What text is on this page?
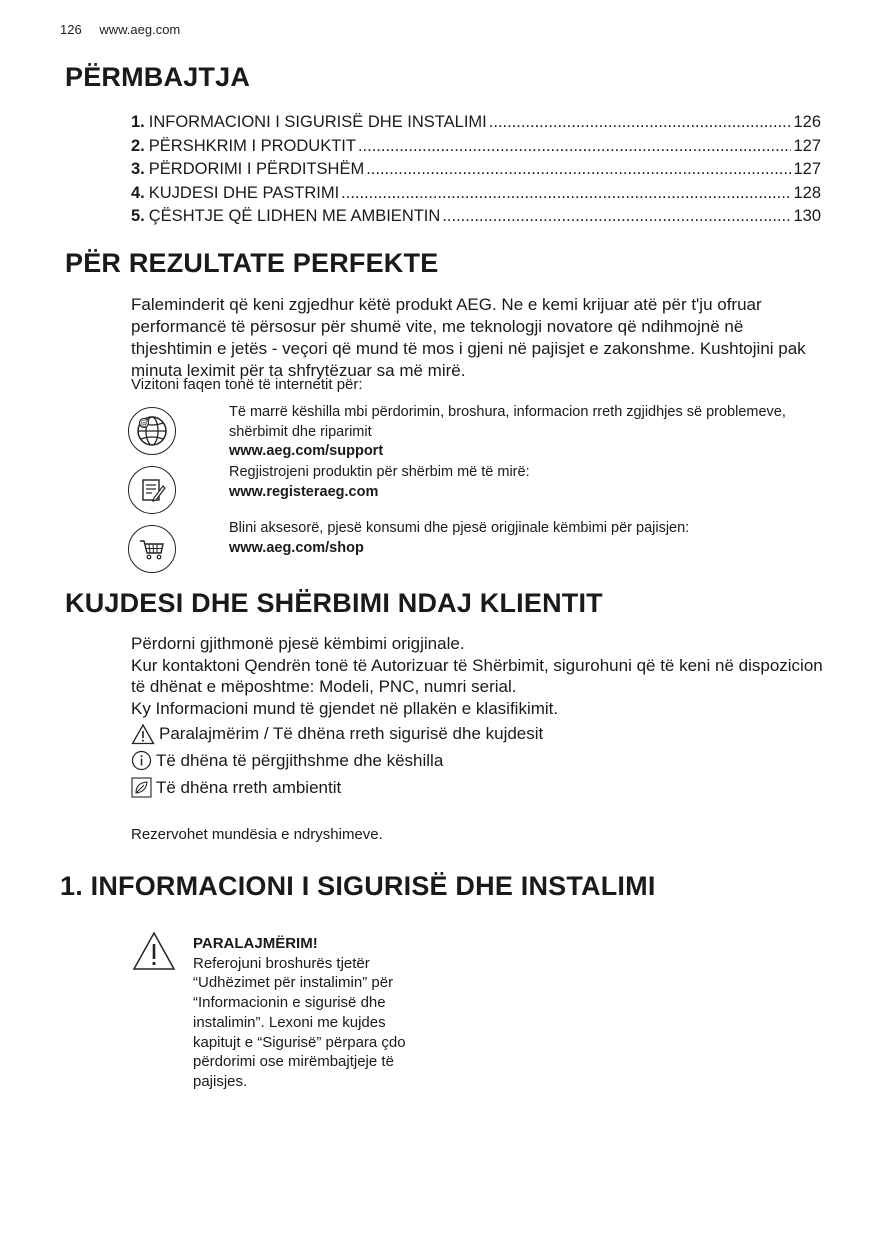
126 www.aeg.com
PËRMBAJTJA
1. INFORMACIONI I SIGURISË DHE INSTALIMI .....	126
2. PËRSHKRIM I PRODUKTIT .....	127
3. PËRDORIMI I PËRDITSHËM .....	127
4. KUJDESI DHE PASTRIMI .....	128
5. ÇËSHTJE QË LIDHEN ME AMBIENTIN .....	130
PËR REZULTATE PERFEKTE
Faleminderit që keni zgjedhur këtë produkt AEG. Ne e kemi krijuar atë për t'ju ofruar performancë të përsosur për shumë vite, me teknologji novatore që ndihmojnë në thjeshtimin e jetës - veçori që mund të mos i gjeni në pajisjet e zakonshme. Kushtojini pak minuta leximit për ta shfrytëzuar sa më mirë.
Vizitoni faqen tonë të internetit për:
@
Të marrë këshilla mbi përdorimin, broshura, informacion rreth zgjidhjes së problemeve, shërbimit dhe riparimit
www.aeg.com/support
Regjistrojeni produktin për shërbim më të mirë:
www.registeraeg.com
Blini aksesorë, pjesë konsumi dhe pjesë origjinale këmbimi për pajisjen:
www.aeg.com/shop
KUJDESI DHE SHËRBIMI NDAJ KLIENTIT
Përdorni gjithmonë pjesë këmbimi origjinale.
Kur kontaktoni Qendrën tonë të Autorizuar të Shërbimit, sigurohuni që të keni në dispozicion të dhënat e mëposhtme: Modeli, PNC, numri serial.
Ky Informacioni mund të gjendet në pllakën e klasifikimit.
Paralajmërim / Të dhëna rreth sigurisë dhe kujdesit
Të dhëna të përgjithshme dhe këshilla
Të dhëna rreth ambientit
Rezervohet mundësia e ndryshimeve.
1. INFORMACIONI I SIGURISË DHE INSTALIMI
PARALAJMËRIM!
Referojuni broshurës tjetër “Udhëzimet për instalimin” për “Informacionin e sigurisë dhe instalimin”. Lexoni me kujdes kapitujt e “Sigurisë” përpara çdo përdorimi ose mirëmbajtjeje të pajisjes.
